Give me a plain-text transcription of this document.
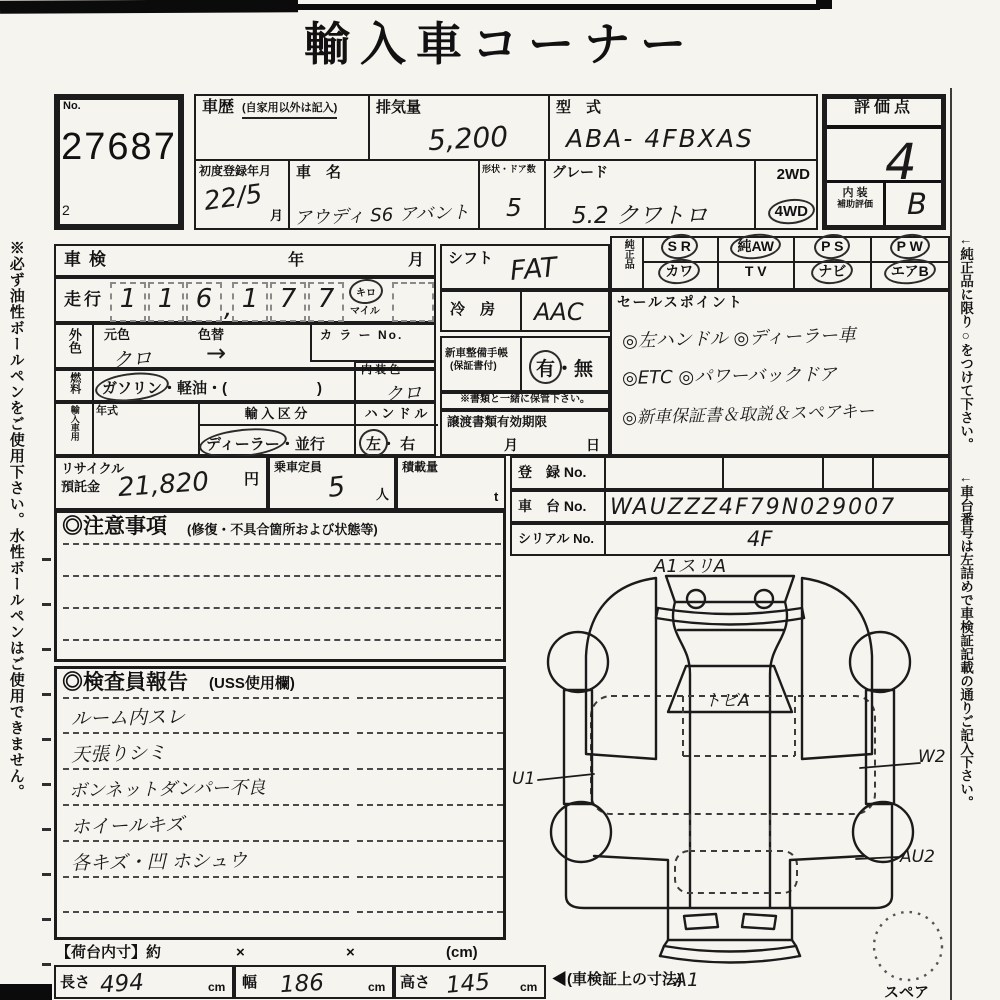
輸入車コーナー
No.
27687
2
車歴 (自家用以外は記入)	排気量
5,200
型　式
ABA- 4FBXAS
初度登録年月
22/5 月
車　名
アウディ S6 アバント
形状・ドア数
5
グレード
5.2 クワトロ
2WD
4WD
評価点
4
内 装
補助評価	B
車検	年	月
走行 1 1 6 , 1 7 7	キロ
マイル
外色	元色
クロ
色替
→
カ ラ ー No.
燃料	ガソリン・軽油・(	)
内 装 色
クロ
輸入車用	年式	輸 入 区 分
ディーラー・並行
ハ ン ド ル
左・ 右
シフト FAT
冷　房 AAC
新車整備手帳
(保証書付)	有・無
※書類と一緒に保管下さい。
譲渡書類有効期限
月	日
純正品	S R	純AW	P S	P W
カワ	T V	ナビ	エアB
セールスポイント
◎左ハンドル ◎ディーラー車
◎ETC ◎パワーバックドア
◎新車保証書＆取説＆スペアキー
リサイクル
預託金 21,820 円
乗車定員
5 人
積載量
t
登　録 No.
車　台 No. WAUZZZ4F79N029007
シリアル No.	4F
◎注意事項 (修復・不具合箇所および状態等)
◎検査員報告 (USS使用欄)
ルーム内スレ
天張りシミ
ボンネットダンパー不良
ホイールキズ
各キズ・凹 ホシュウ
【荷台内寸】約	×	×	(cm)
長さ 494	cm 幅 186	cm 高さ 145 cm ◀(車検証上の寸法)
A1スリA
トビA
U1
W2
AU2
A1
スペア
※必ず油性ボールペンをご使用下さい。水性ボールペンはご使用できません。	←純正品に限り○をつけて下さい。
←車台番号は左詰めで車検証記載の通りご記入下さい。
